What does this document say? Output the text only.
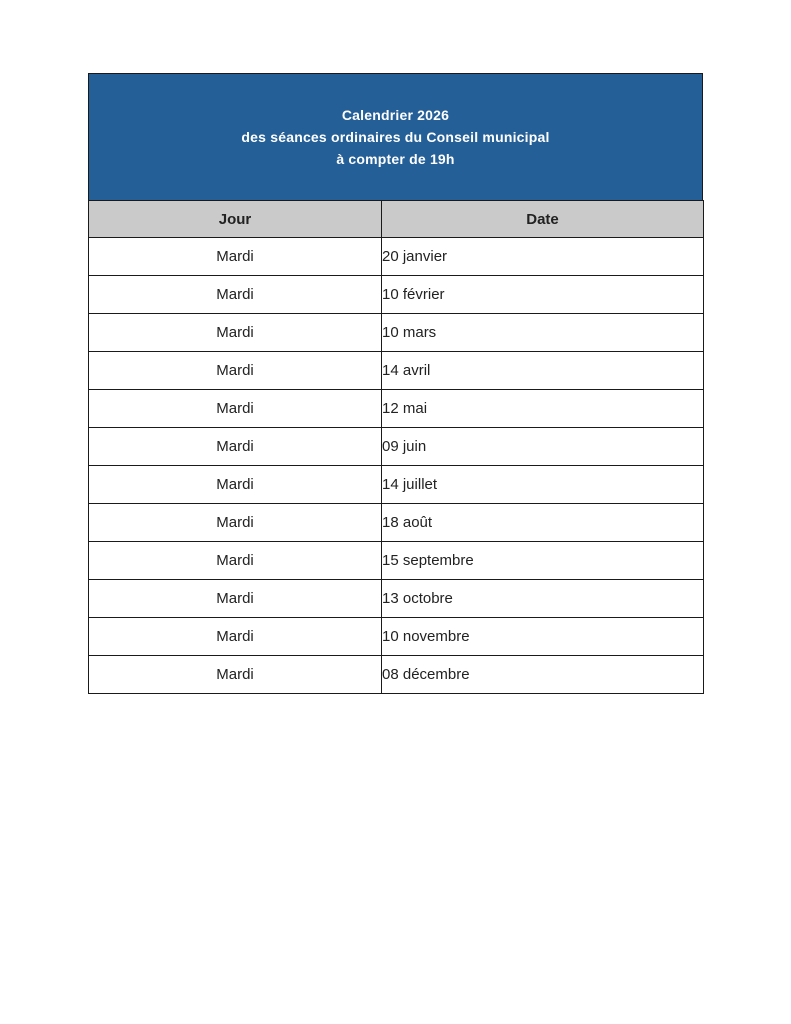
Calendrier 2026
des séances ordinaires du Conseil municipal
à compter de 19h
Jour	Date
Mardi	20 janvier
Mardi	10 février
Mardi	10 mars
Mardi	14 avril
Mardi	12 mai
Mardi	09 juin
Mardi	14 juillet
Mardi	18 août
Mardi	15 septembre
Mardi	13 octobre
Mardi	10 novembre
Mardi	08 décembre
